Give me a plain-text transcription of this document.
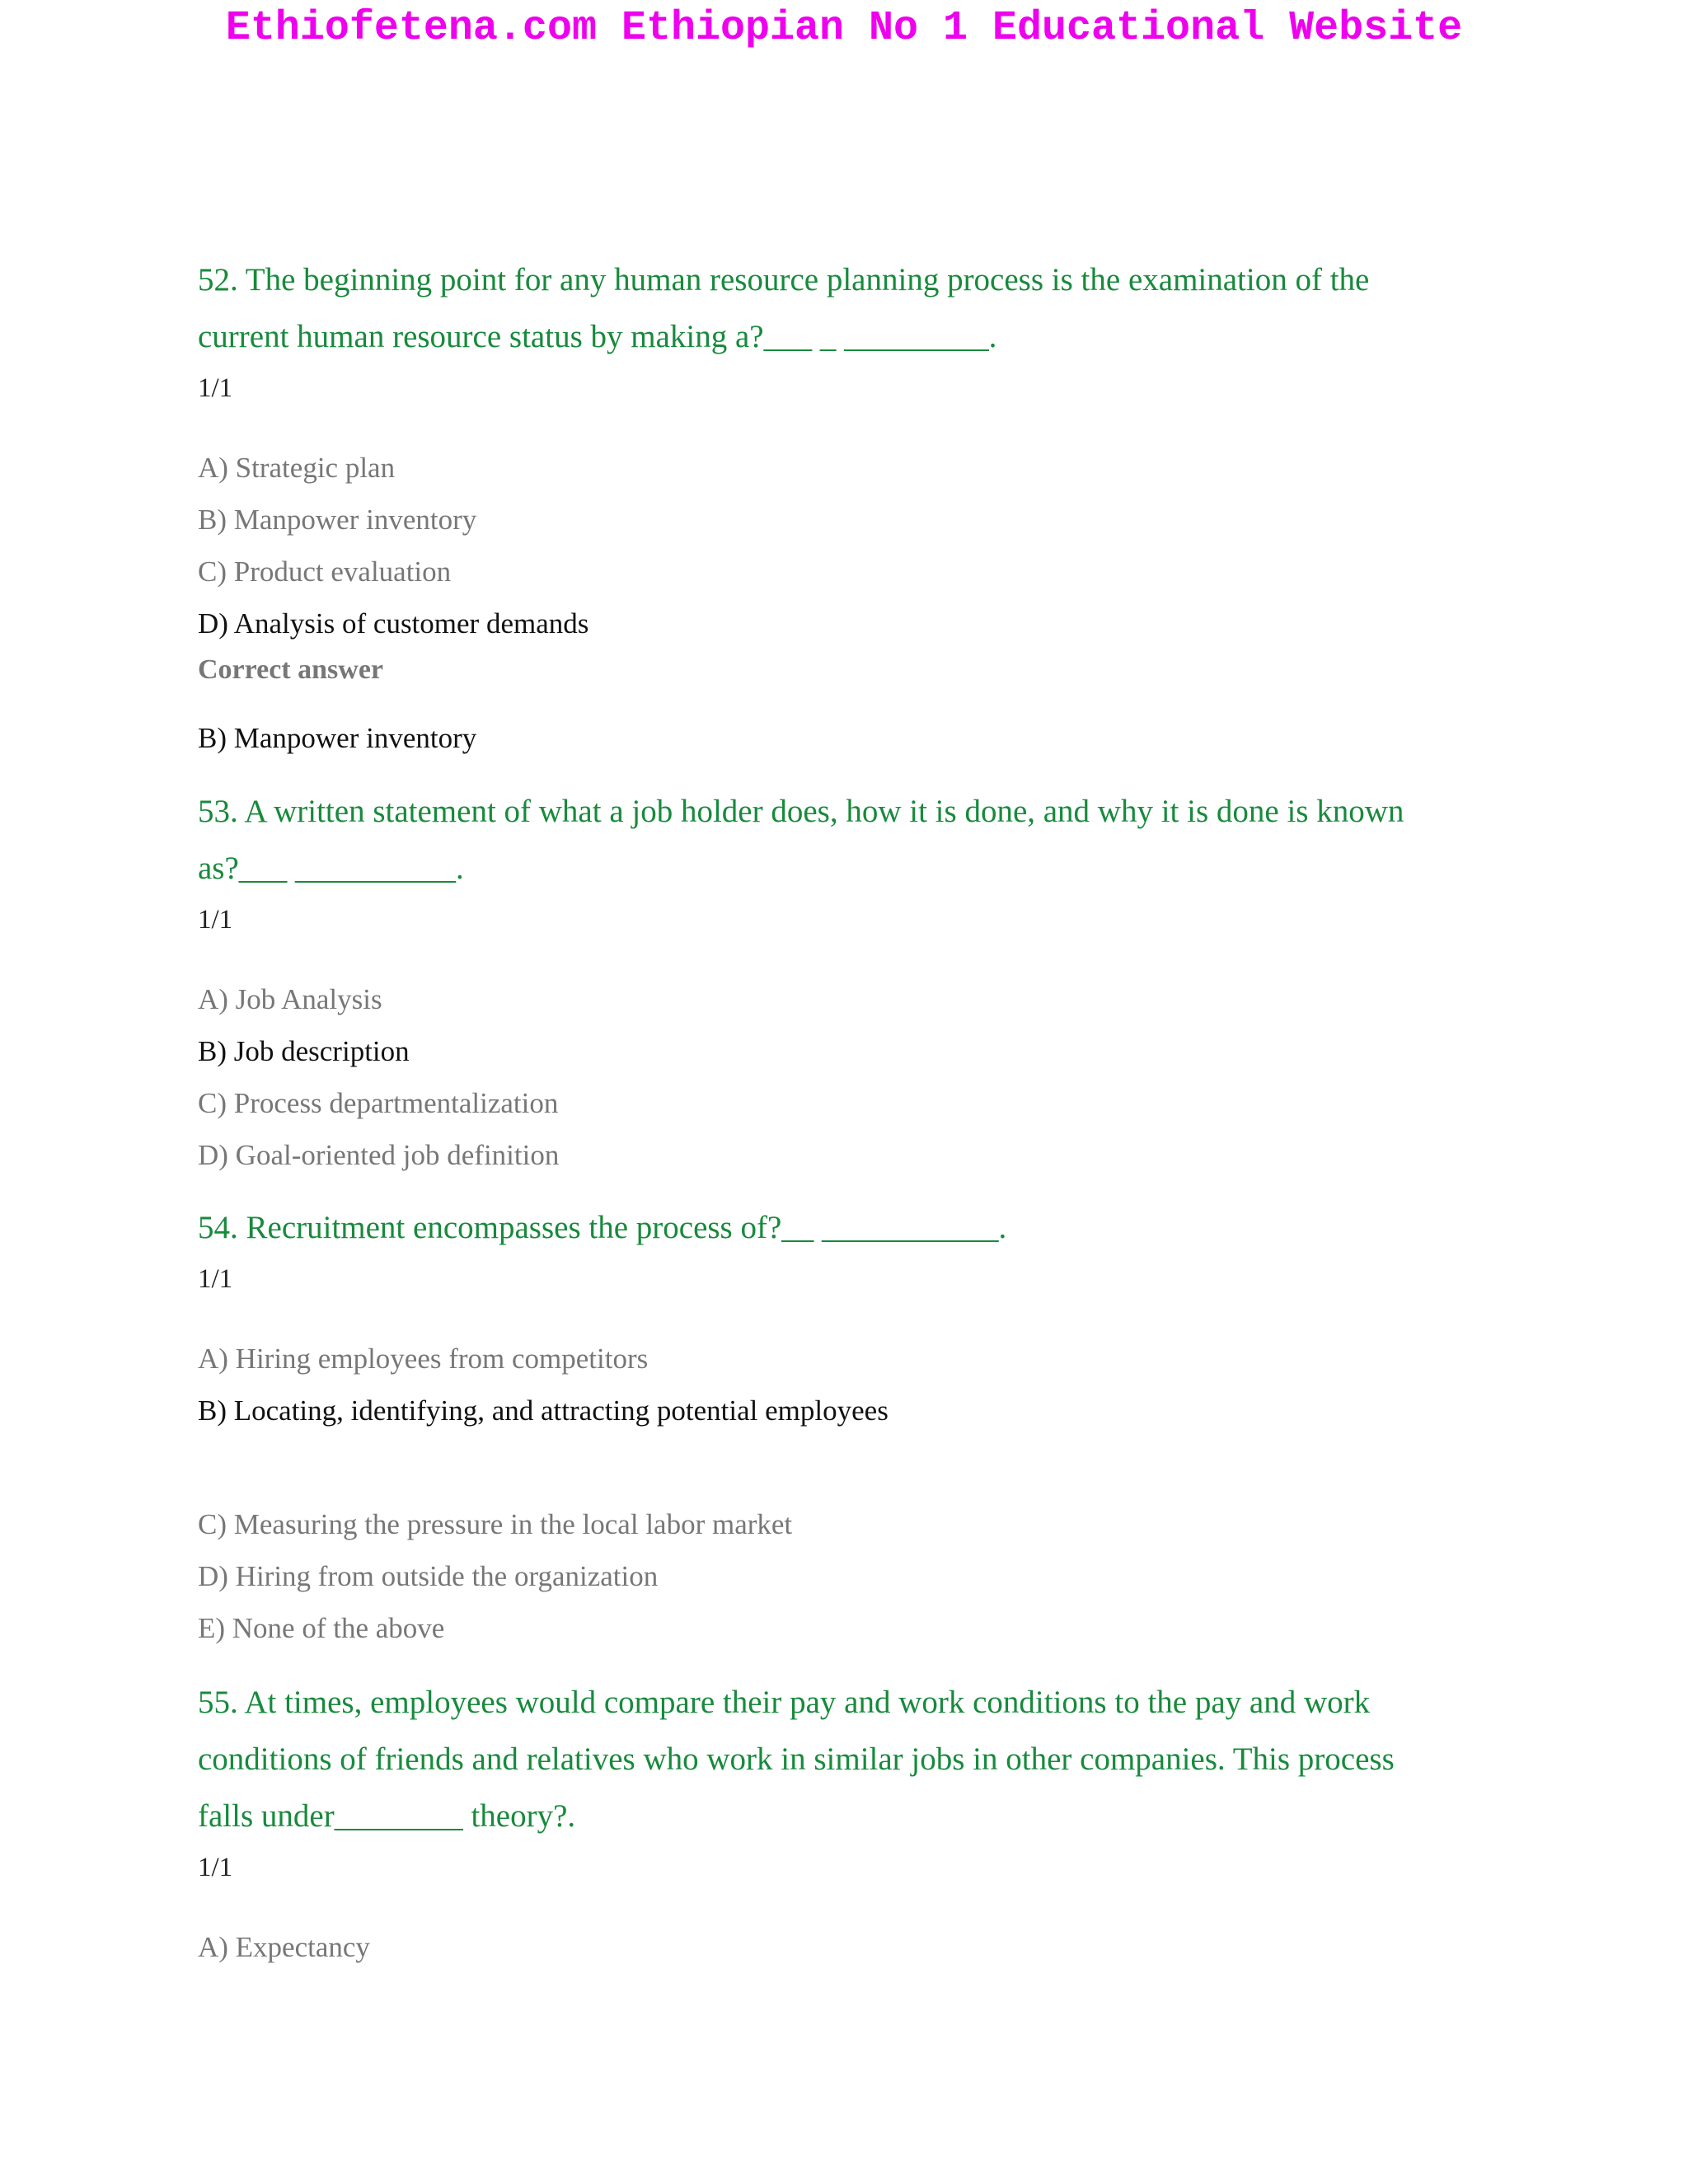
Ethiofetena.com Ethiopian No 1 Educational Website

52. The beginning point for any human resource planning process is the examination of the
current human resource status by making a?___ _ _________.

1/1

A) Strategic plan
B) Manpower inventory
C) Product evaluation
D) Analysis of customer demands
Correct answer
B) Manpower inventory

53. A written statement of what a job holder does, how it is done, and why it is done is known
as?___ __________.

1/1

A) Job Analysis
B) Job description
C) Process departmentalization
D) Goal-oriented job definition

54. Recruitment encompasses the process of?__ ___________.

1/1

A) Hiring employees from competitors
B) Locating, identifying, and attracting potential employees
C) Measuring the pressure in the local labor market
D) Hiring from outside the organization
E) None of the above

55. At times, employees would compare their pay and work conditions to the pay and work
conditions of friends and relatives who work in similar jobs in other companies. This process
falls under________ theory?.

1/1

A) Expectancy
